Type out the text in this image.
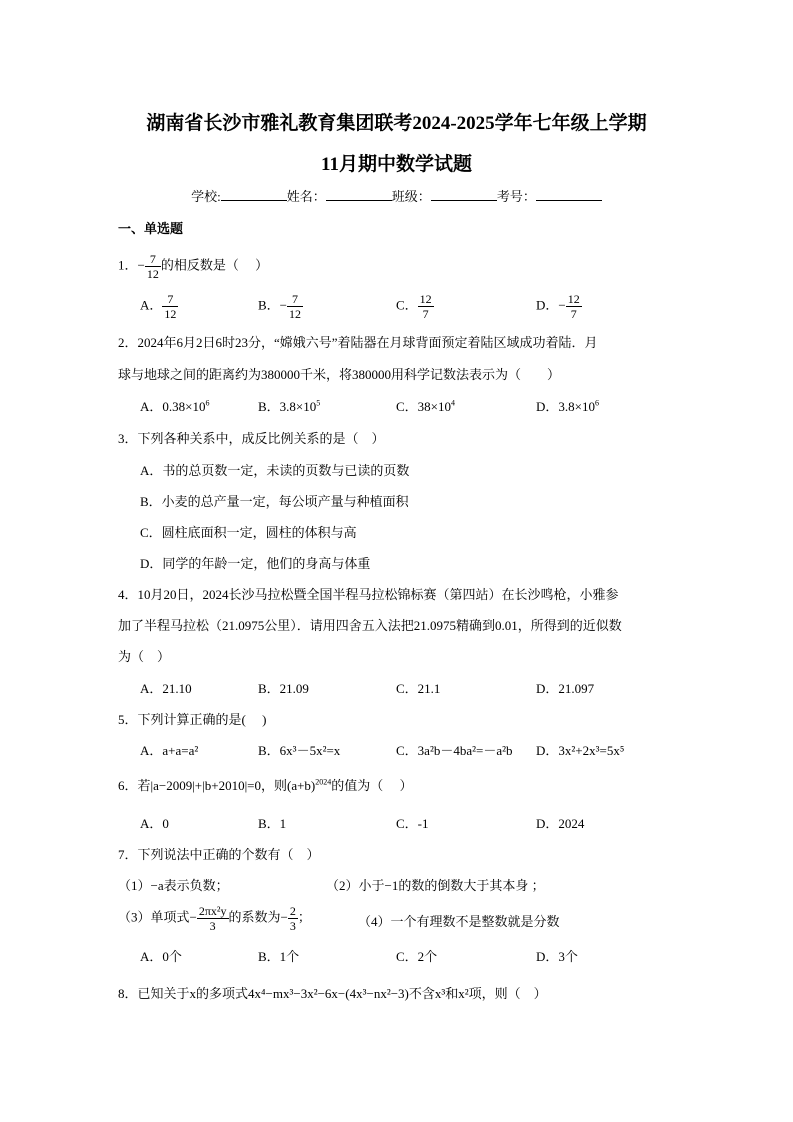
湖南省长沙市雅礼教育集团联考2024-2025学年七年级上学期
11月期中数学试题
学校:	姓名：	班级：	考号：
一、单选题
1．− $\frac{7}{12}$ 的相反数是（　 ）
A． $\frac{7}{12}$	B．− $\frac{7}{12}$	C． $\frac{12}{7}$	D．− $\frac{12}{7}$
2．2024年6月2日6时23分，“嫦娥六号”着陆器在月球背面预定着陆区域成功着陆．月
球与地球之间的距离约为380000千米，将380000用科学记数法表示为（　　）
A．$0.38\times 10^6$	B．$3.8\times 10^5$	C．$38\times 10^4$	D．$3.8\times 10^6$
3．下列各种关系中，成反比例关系的是（　）
A．书的总页数一定，未读的页数与已读的页数
B．小麦的总产量一定，每公顷产量与种植面积
C．圆柱底面积一定，圆柱的体积与高
D．同学的年龄一定，他们的身高与体重
4．10月20日，2024长沙马拉松暨全国半程马拉松锦标赛（第四站）在长沙鸣枪，小雅参
加了半程马拉松（21.0975公里）．请用四舍五入法把21.0975精确到0.01，所得到的近似数
为（　）
A．21.10	B．21.09	C．21.1	D．21.097
5．下列计算正确的是(　 )
A．a+a=a²	B．6x³－5x²=x	C．3a²b－4ba²=－a²b D．3x²+2x³=5x⁵
6．若|a−2009|+|b+2010|=0，则$(a+b)^{2024}$的值为（　 ）
A．0	B．1	C．-1	D．2024
7．下列说法中正确的个数有（　）
（1）−a表示负数；	（2）小于−1的数的倒数大于其本身 ；
（3）单项式− $\frac{\text{2πx²y}}{3}$ 的系数为− $\frac{2}{3}$ ；	（4）一个有理数不是整数就是分数
A．0个	B．1个	C．2个	D．3个
8．已知关于x的多项式4x⁴−mx³−3x²−6x−(4x³−nx²−3)不含x³和x²项，则（　）
